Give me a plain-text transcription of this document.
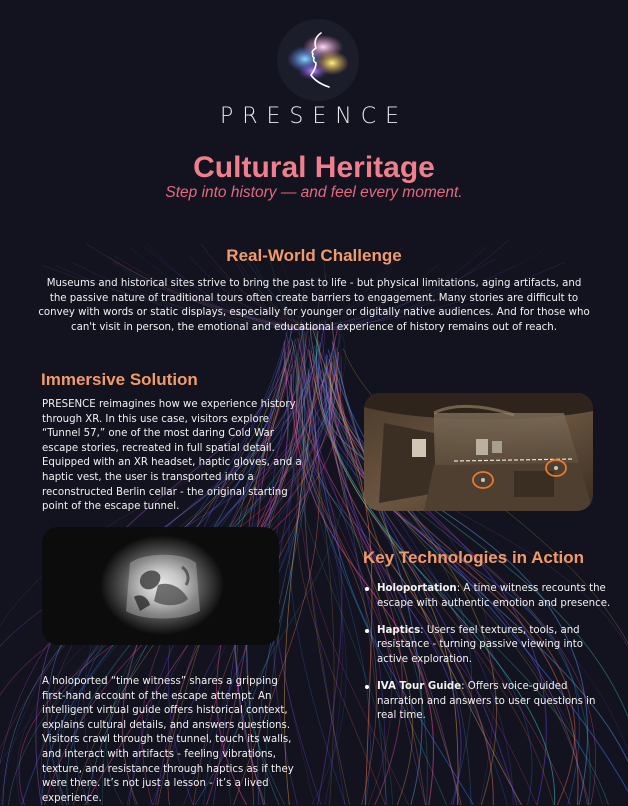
PRESENCE
Cultural Heritage
Step into history — and feel every moment.
Real-World Challenge

Museums and historical sites strive to bring the past to life - but physical limitations, aging artifacts, and the passive nature of traditional tours often create barriers to engagement. Many stories are difficult to convey with words or static displays, especially for younger or digitally native audiences. And for those who can't visit in person, the emotional and educational experience of history remains out of reach.

Immersive Solution

PRESENCE reimagines how we experience history through XR. In this use case, visitors explore “Tunnel 57,” one of the most daring Cold War escape stories, recreated in full spatial detail. Equipped with an XR headset, haptic gloves, and a haptic vest, the user is transported into a reconstructed Berlin cellar - the original starting point of the escape tunnel.

Key Technologies in Action
Holoportation: A time witness recounts the escape with authentic emotion and presence.
Haptics: Users feel textures, tools, and resistance - turning passive viewing into active exploration.
IVA Tour Guide: Offers voice-guided narration and answers to user questions in real time.

A holoported “time witness” shares a gripping first-hand account of the escape attempt. An intelligent virtual guide offers historical context, explains cultural details, and answers questions. Visitors crawl through the tunnel, touch its walls, and interact with artifacts - feeling vibrations, texture, and resistance through haptics as if they were there. It’s not just a lesson - it’s a lived experience.
